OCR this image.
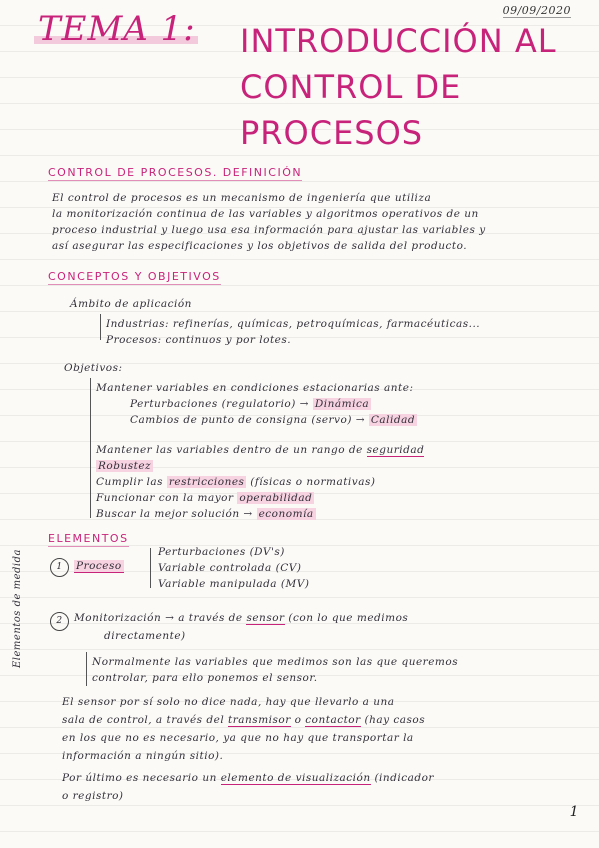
09/09/2020
TEMA 1: INTRODUCCIÓN AL
CONTROL DE
PROCESOS
CONTROL DE PROCESOS. DEFINICIÓN
El control de procesos es un mecanismo de ingeniería que utiliza
la monitorización continua de las variables y algoritmos operativos de un
proceso industrial y luego usa esa información para ajustar las variables y
así asegurar las especificaciones y los objetivos de salida del producto.
CONCEPTOS Y OBJETIVOS
Ámbito de aplicación
Industrias: refinerías, químicas, petroquímicas, farmacéuticas...
Procesos: continuos y por lotes.
Objetivos:
Mantener variables en condiciones estacionarias ante:
Perturbaciones (regulatorio) → Dinámica
Cambios de punto de consigna (servo) → Calidad
Mantener las variables dentro de un rango de seguridad
Robustez
Cumplir las restricciones (físicas o normativas)
Funcionar con la mayor operabilidad
Buscar la mejor solución → economía
ELEMENTOS
1	Proceso
Perturbaciones (DV's)
Variable controlada (CV)
Variable manipulada (MV)
2	Monitorización → a través de sensor (con lo que medimos
directamente)
Normalmente las variables que medimos son las que queremos
controlar, para ello ponemos el sensor.
El sensor por sí solo no dice nada, hay que llevarlo a una
sala de control, a través del transmisor o contactor (hay casos
en los que no es necesario, ya que no hay que transportar la
información a ningún sitio).
Por último es necesario un elemento de visualización (indicador
o registro)
Elementos de medida
1
